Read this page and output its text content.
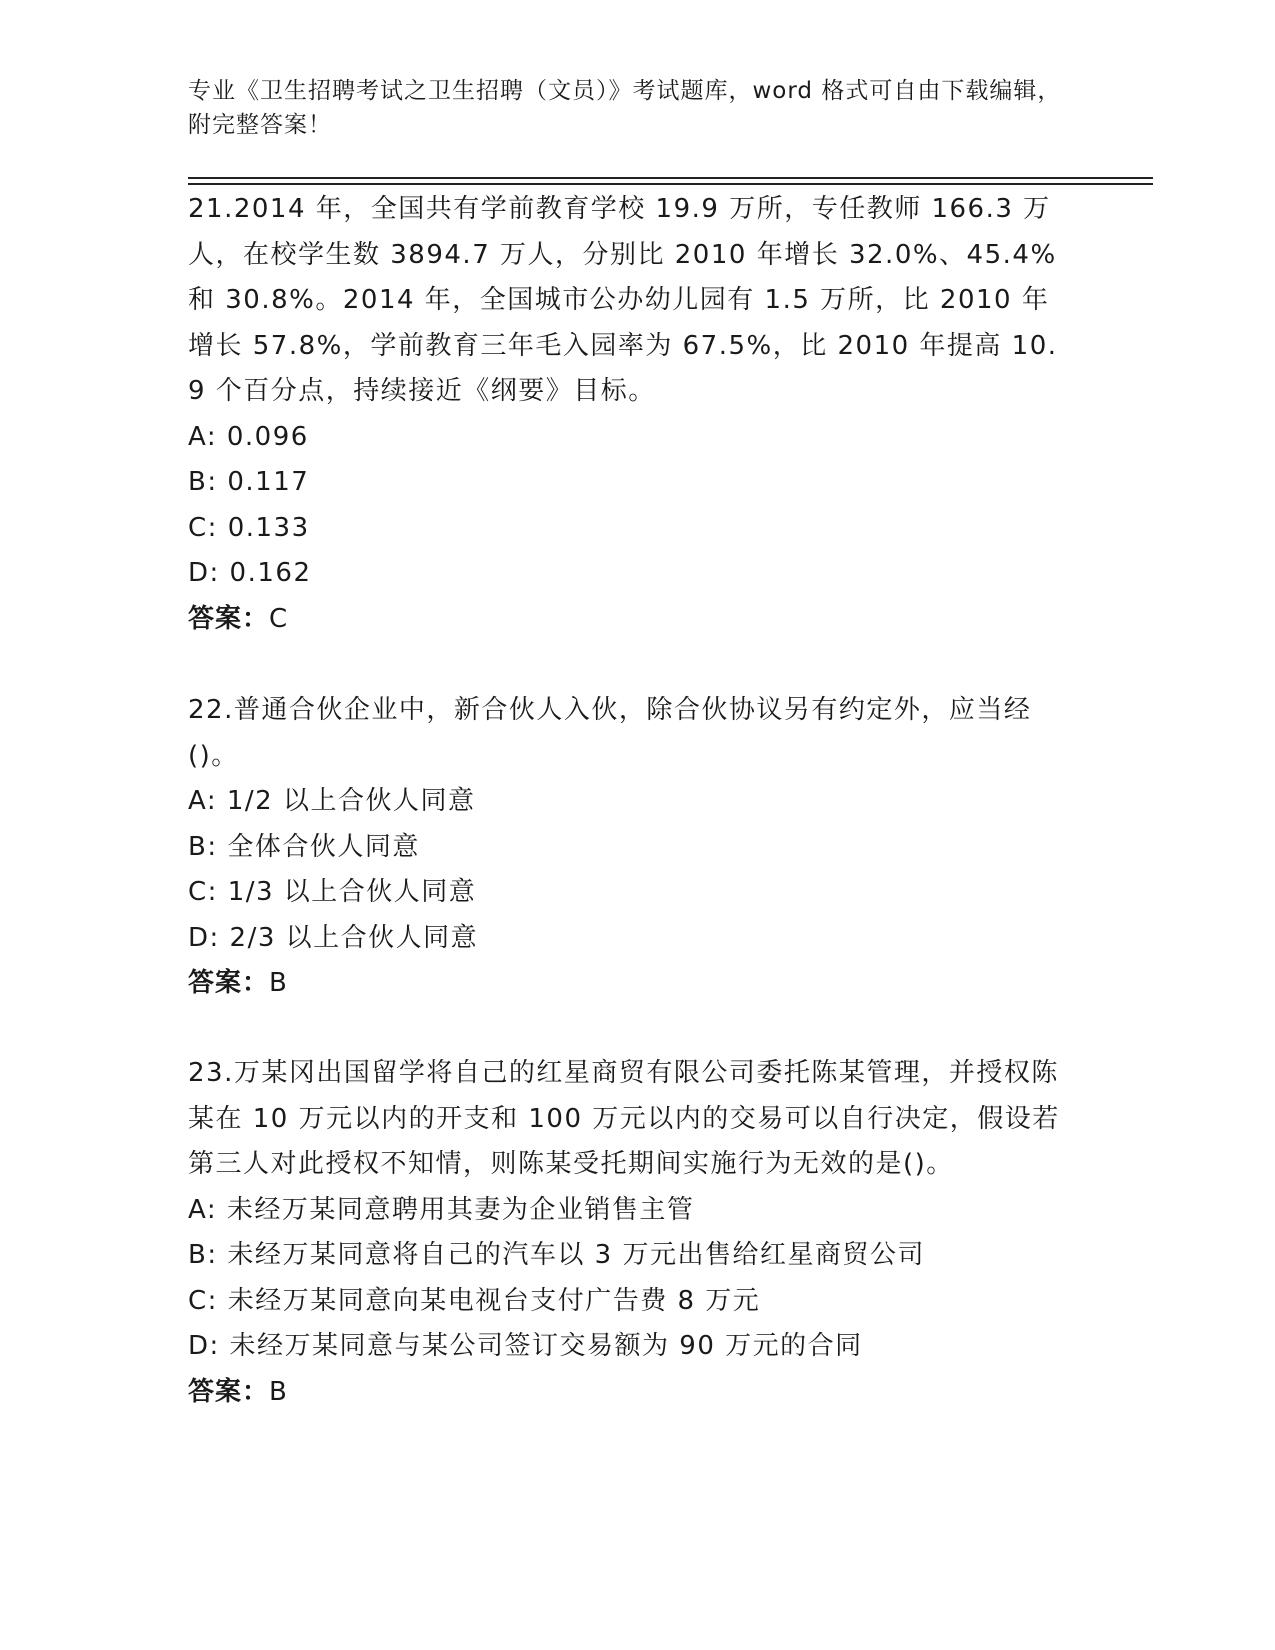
专业《卫生招聘考试之卫生招聘（文员）》考试题库，word 格式可自由下载编辑，附完整答案！

21.2014 年，全国共有学前教育学校 19.9 万所，专任教师 166.3 万人，在校学生数 3894.7 万人，分别比 2010 年增长 32.0%、45.4%和 30.8%。2014 年，全国城市公办幼儿园有 1.5 万所，比 2010 年增长 57.8%，学前教育三年毛入园率为 67.5%，比 2010 年提高 10.9 个百分点，持续接近《纲要》目标。

A: 0.096

B: 0.117

C: 0.133

D: 0.162

答案：C

22.普通合伙企业中，新合伙人入伙，除合伙协议另有约定外，应当经()。

A: 1/2 以上合伙人同意

B: 全体合伙人同意

C: 1/3 以上合伙人同意

D: 2/3 以上合伙人同意

答案：B

23.万某冈出国留学将自己的红星商贸有限公司委托陈某管理，并授权陈某在 10 万元以内的开支和 100 万元以内的交易可以自行决定，假设若第三人对此授权不知情，则陈某受托期间实施行为无效的是()。

A: 未经万某同意聘用其妻为企业销售主管

B: 未经万某同意将自己的汽车以 3 万元出售给红星商贸公司

C: 未经万某同意向某电视台支付广告费 8 万元

D: 未经万某同意与某公司签订交易额为 90 万元的合同

答案：B
